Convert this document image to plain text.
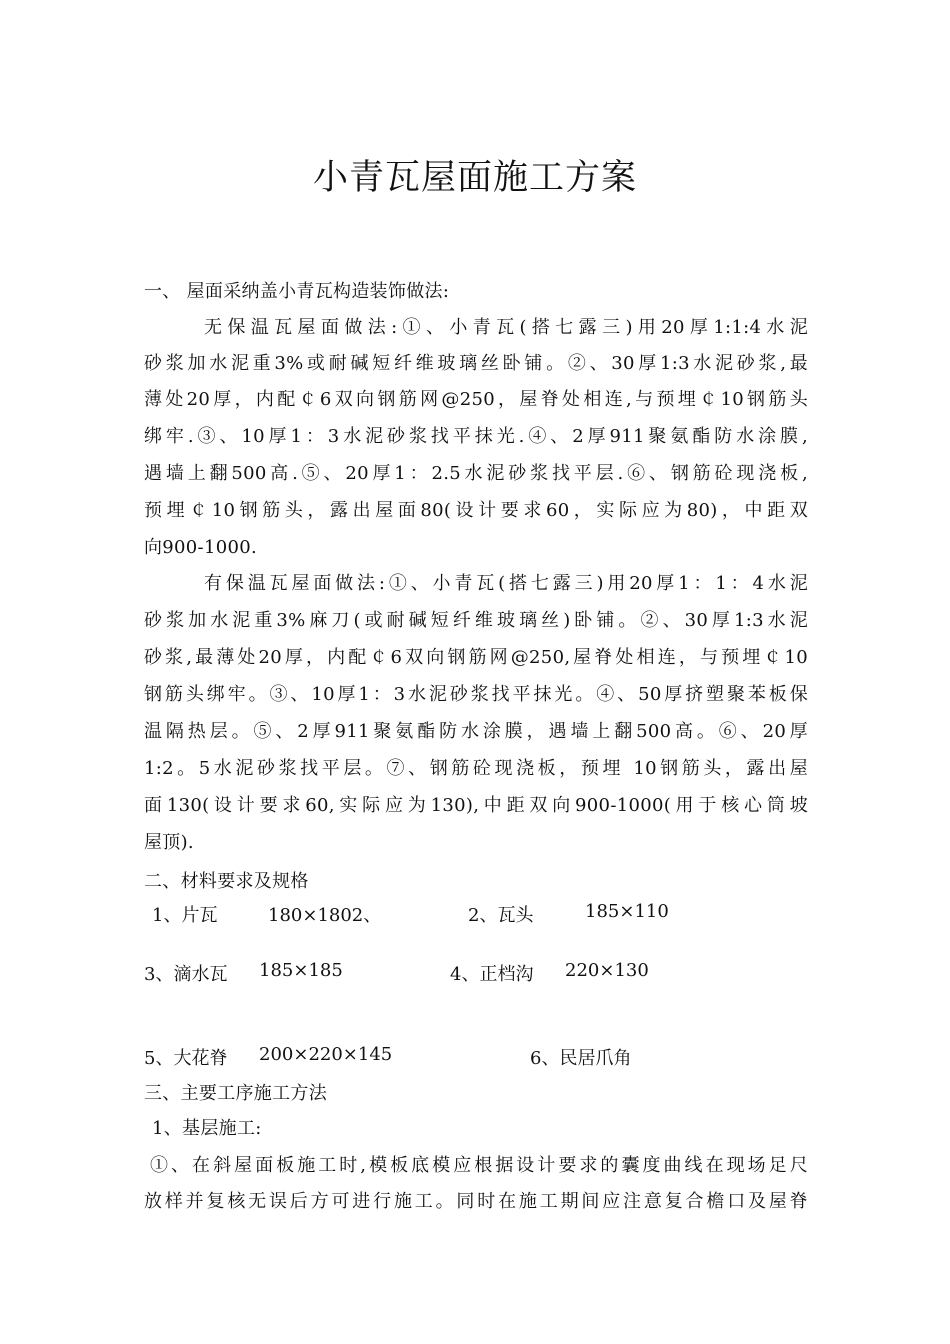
小青瓦屋面施工方案
一、 屋面采纳盖小青瓦构造装饰做法:
无保温瓦屋面做法:①、小青瓦(搭七露三)用20厚1:1:4水泥
砂浆加水泥重3%或耐碱短纤维玻璃丝卧铺。②、30厚1:3水泥砂浆,最
薄处20厚，内配￠6双向钢筋网@250，屋脊处相连,与预埋￠10钢筋头
绑牢.③、10厚1：3水泥砂浆找平抹光.④、2厚911聚氨酯防水涂膜,
遇墙上翻500高.⑤、20厚1：2.5水泥砂浆找平层.⑥、钢筋砼现浇板,
预埋￠10钢筋头，露出屋面80(设计要求60，实际应为80)，中距双
向900-1000.
有保温瓦屋面做法:①、小青瓦(搭七露三)用20厚1：1：4水泥
砂浆加水泥重3%麻刀(或耐碱短纤维玻璃丝)卧铺。②、30厚1:3水泥
砂浆,最薄处20厚，内配￠6双向钢筋网@250,屋脊处相连，与预埋￠10
钢筋头绑牢。③、10厚1：3水泥砂浆找平抹光。④、50厚挤塑聚苯板保
温隔热层。⑤、2厚911聚氨酯防水涂膜，遇墙上翻500高。⑥、20厚
1:2。5水泥砂浆找平层。⑦、钢筋砼现浇板，预埋 10钢筋头，露出屋
面130(设计要求60,实际应为130),中距双向900-1000(用于核心筒坡
屋顶).
二、材料要求及规格
1、片瓦	180×1802、	2、瓦头	185×110
3、滴水瓦 185×185	4、正档沟 220×130
5、大花脊 200×220×145	6、民居爪角
三、主要工序施工方法
1、基层施工:
①、在斜屋面板施工时,模板底模应根据设计要求的囊度曲线在现场足尺
放样并复核无误后方可进行施工。同时在施工期间应注意复合檐口及屋脊
